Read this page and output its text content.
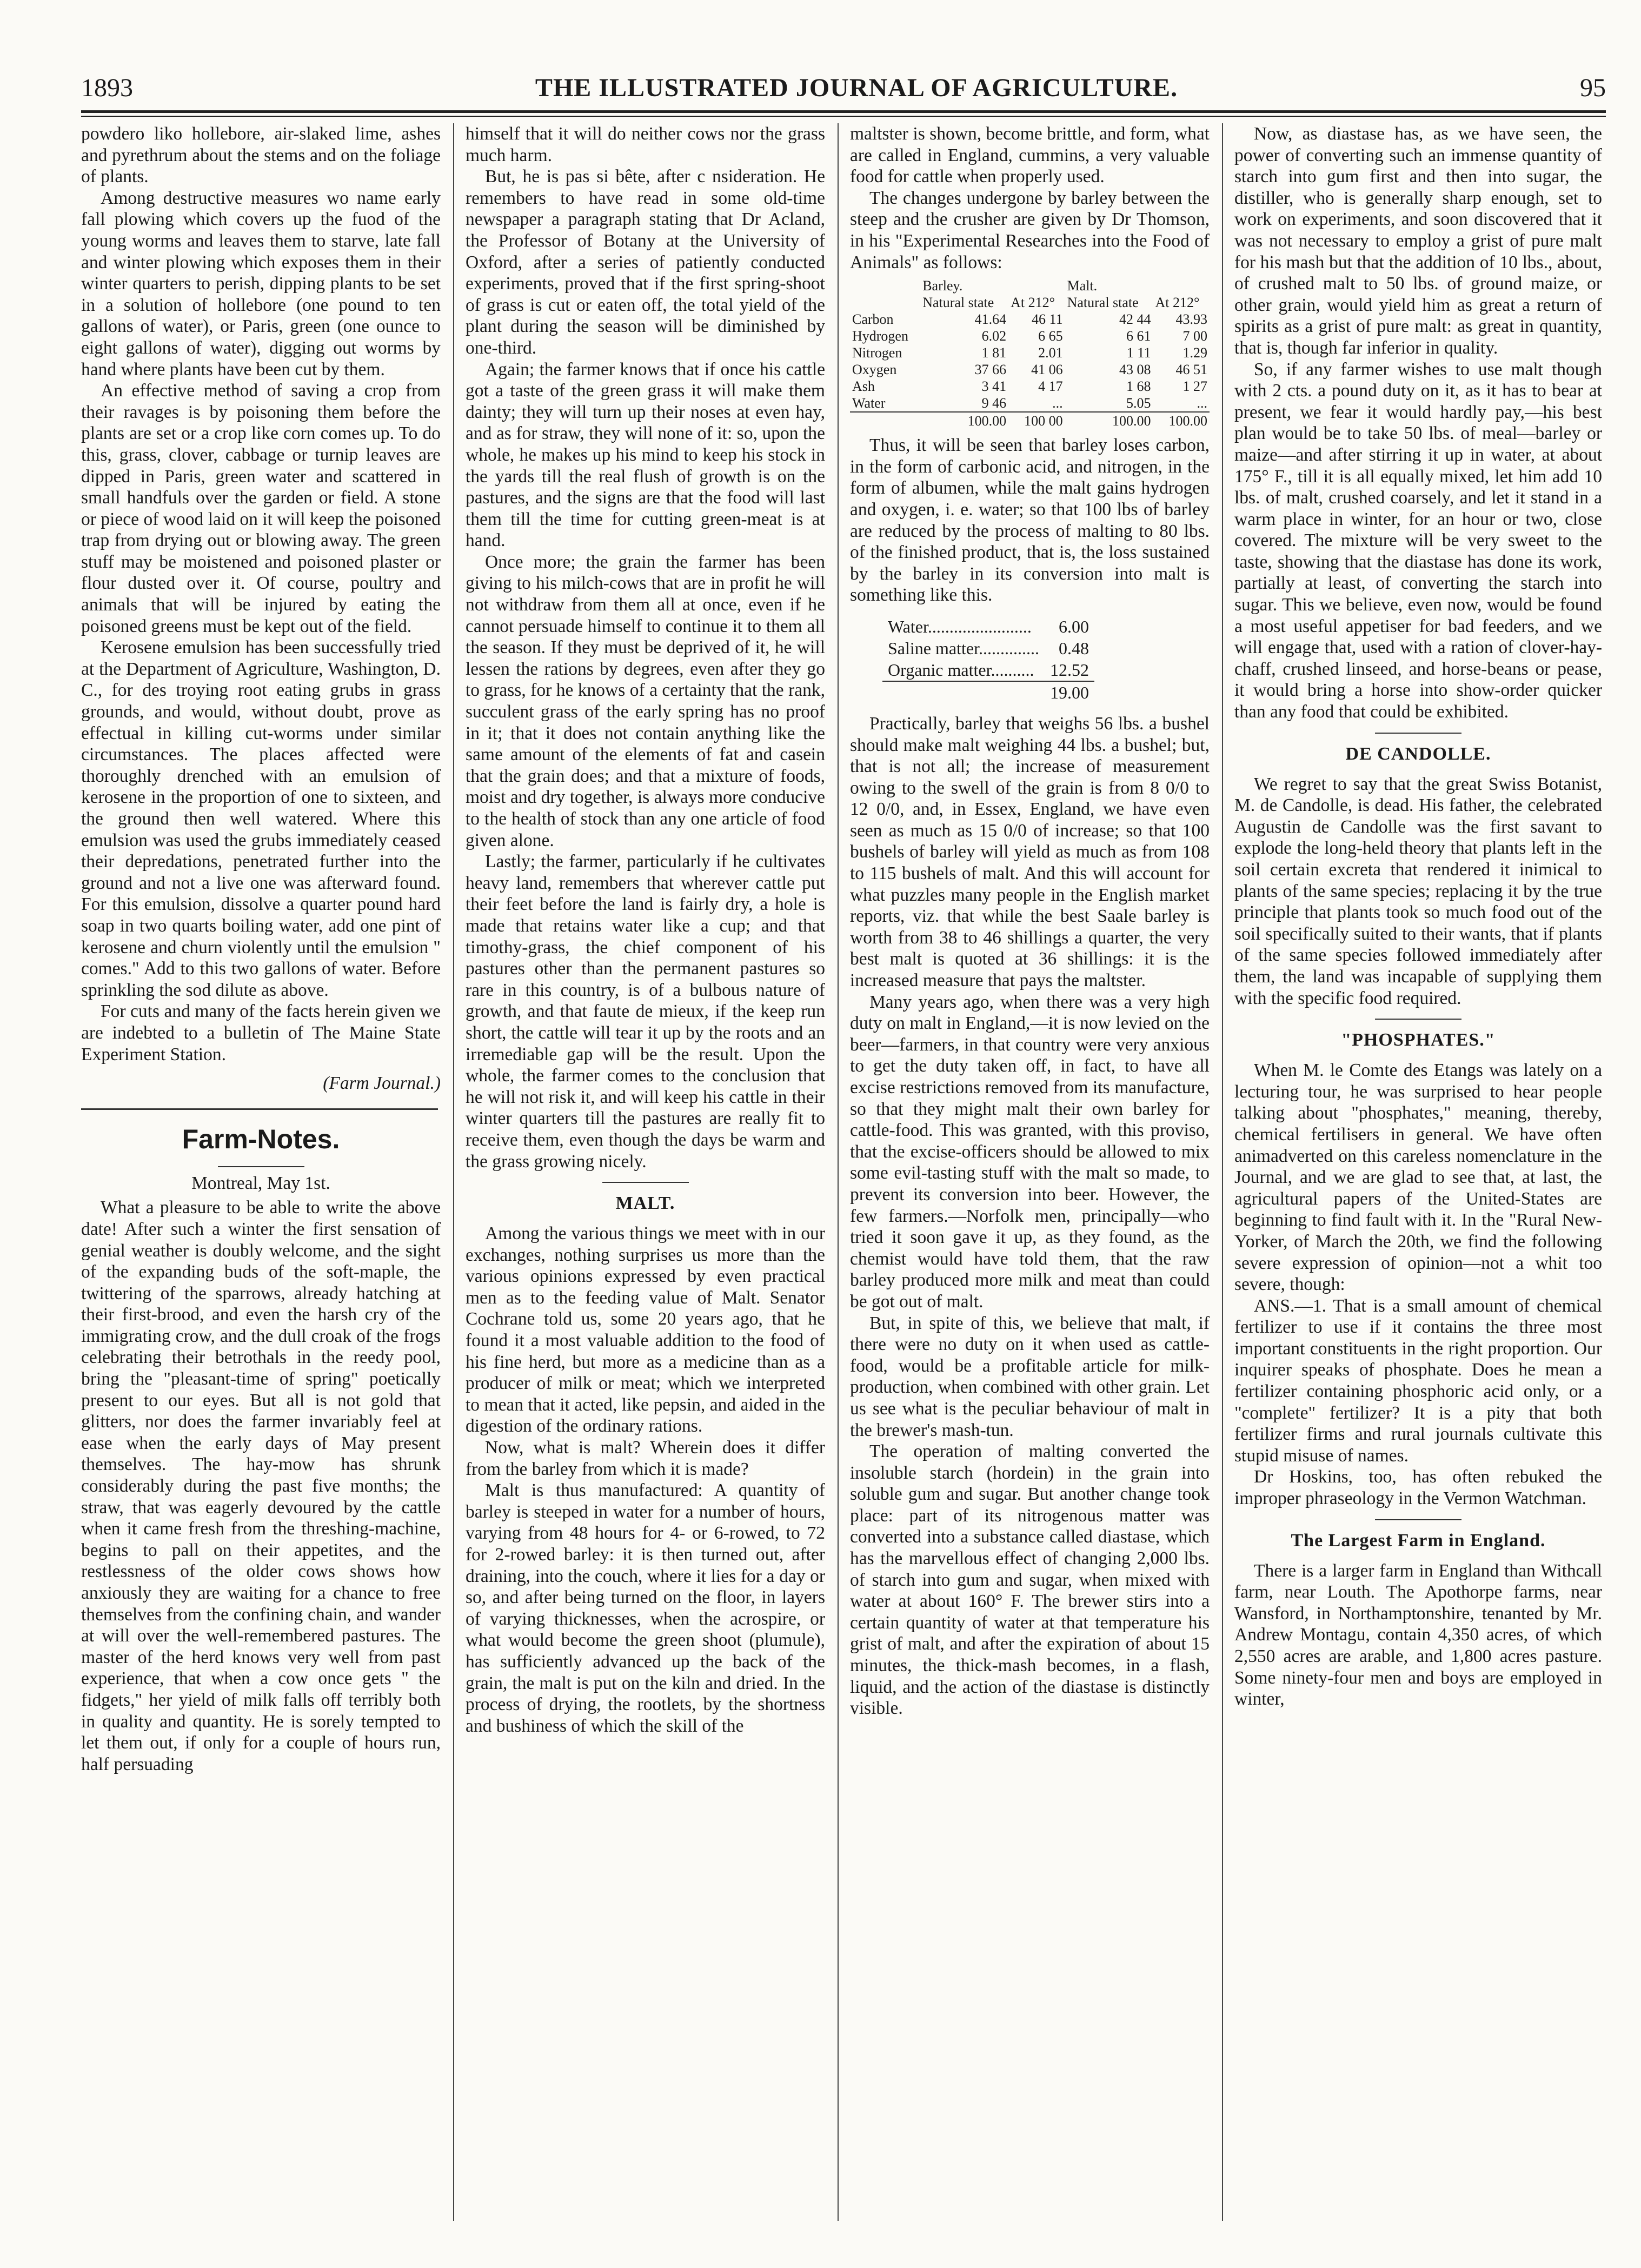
1893	THE ILLUSTRATED JOURNAL OF AGRICULTURE.	95

powdero liko hollebore, air-slaked lime, ashes and pyrethrum about the stems and on the foliage of plants.

Among destructive measures wo name early fall plowing which covers up the fuod of the young worms and leaves them to starve, late fall and winter plowing which exposes them in their winter quarters to perish, dipping plants to be set in a solution of hollebore (one pound to ten gallons of water), or Paris, green (one ounce to eight gallons of water), digging out worms by hand where plants have been cut by them.

An effective method of saving a crop from their ravages is by poisoning them before the plants are set or a crop like corn comes up. To do this, grass, clover, cabbage or turnip leaves are dipped in Paris, green water and scattered in small handfuls over the garden or field. A stone or piece of wood laid on it will keep the poisoned trap from drying out or blowing away. The green stuff may be moistened and poisoned plaster or flour dusted over it. Of course, poultry and animals that will be injured by eating the poisoned greens must be kept out of the field.

Kerosene emulsion has been successfully tried at the Department of Agriculture, Washington, D. C., for des troying root eating grubs in grass grounds, and would, without doubt, prove as effectual in killing cut-worms under similar circumstances. The places affected were thoroughly drenched with an emulsion of kerosene in the proportion of one to sixteen, and the ground then well watered. Where this emulsion was used the grubs immediately ceased their depredations, penetrated further into the ground and not a live one was afterward found. For this emulsion, dissolve a quarter pound hard soap in two quarts boiling water, add one pint of kerosene and churn violently until the emulsion " comes." Add to this two gallons of water. Before sprinkling the sod dilute as above.

For cuts and many of the facts herein given we are indebted to a bulletin of The Maine State Experiment Station.

(Farm Journal.)

Farm-Notes.
Montreal, May 1st.

What a pleasure to be able to write the above date! After such a winter the first sensation of genial weather is doubly welcome, and the sight of the expanding buds of the soft-maple, the twittering of the sparrows, already hatching at their first-brood, and even the harsh cry of the immigrating crow, and the dull croak of the frogs celebrating their betrothals in the reedy pool, bring the "pleasant-time of spring" poetically present to our eyes. But all is not gold that glitters, nor does the farmer invariably feel at ease when the early days of May present themselves. The hay-mow has shrunk considerably during the past five months; the straw, that was eagerly devoured by the cattle when it came fresh from the threshing-machine, begins to pall on their appetites, and the restlessness of the older cows shows how anxiously they are waiting for a chance to free themselves from the confining chain, and wander at will over the well-remembered pastures. The master of the herd knows very well from past experience, that when a cow once gets " the fidgets," her yield of milk falls off terribly both in quality and quantity. He is sorely tempted to let them out, if only for a couple of hours run, half persuading

himself that it will do neither cows nor the grass much harm.

But, he is pas si bête, after c nsideration. He remembers to have read in some old-time newspaper a paragraph stating that Dr Acland, the Professor of Botany at the University of Oxford, after a series of patiently conducted experiments, proved that if the first spring-shoot of grass is cut or eaten off, the total yield of the plant during the season will be diminished by one-third.

Again; the farmer knows that if once his cattle got a taste of the green grass it will make them dainty; they will turn up their noses at even hay, and as for straw, they will none of it: so, upon the whole, he makes up his mind to keep his stock in the yards till the real flush of growth is on the pastures, and the signs are that the food will last them till the time for cutting green-meat is at hand.

Once more; the grain the farmer has been giving to his milch-cows that are in profit he will not withdraw from them all at once, even if he cannot persuade himself to continue it to them all the season. If they must be deprived of it, he will lessen the rations by degrees, even after they go to grass, for he knows of a certainty that the rank, succulent grass of the early spring has no proof in it; that it does not contain anything like the same amount of the elements of fat and casein that the grain does; and that a mixture of foods, moist and dry together, is always more conducive to the health of stock than any one article of food given alone.

Lastly; the farmer, particularly if he cultivates heavy land, remembers that wherever cattle put their feet before the land is fairly dry, a hole is made that retains water like a cup; and that timothy-grass, the chief component of his pastures other than the permanent pastures so rare in this country, is of a bulbous nature of growth, and that faute de mieux, if the keep run short, the cattle will tear it up by the roots and an irremediable gap will be the result. Upon the whole, the farmer comes to the conclusion that he will not risk it, and will keep his cattle in their winter quarters till the pastures are really fit to receive them, even though the days be warm and the grass growing nicely.

MALT.

Among the various things we meet with in our exchanges, nothing surprises us more than the various opinions expressed by even practical men as to the feeding value of Malt. Senator Cochrane told us, some 20 years ago, that he found it a most valuable addition to the food of his fine herd, but more as a medicine than as a producer of milk or meat; which we interpreted to mean that it acted, like pepsin, and aided in the digestion of the ordinary rations.

Now, what is malt? Wherein does it differ from the barley from which it is made?

Malt is thus manufactured: A quantity of barley is steeped in water for a number of hours, varying from 48 hours for 4- or 6-rowed, to 72 for 2-rowed barley: it is then turned out, after draining, into the couch, where it lies for a day or so, and after being turned on the floor, in layers of varying thicknesses, when the acrospire, or what would become the green shoot (plumule), has sufficiently advanced up the back of the grain, the malt is put on the kiln and dried. In the process of drying, the rootlets, by the shortness and bushiness of which the skill of the

maltster is shown, become brittle, and form, what are called in England, cummins, a very valuable food for cattle when properly used.

The changes undergone by barley between the steep and the crusher are given by Dr Thomson, in his "Experimental Researches into the Food of Animals" as follows:

	Barley.		Malt.	
	Natural state	At 212°	Natural state	At 212°
Carbon	41.64	46 11	42 44	43.93
Hydrogen	6.02	6 65	6 61	7 00
Nitrogen	1 81	2.01	1 11	1.29
Oxygen	37 66	41 06	43 08	46 51
Ash	3 41	4 17	1 68	1 27
Water	9 46	...	5.05	...
	100.00	100 00	100.00	100.00

Thus, it will be seen that barley loses carbon, in the form of carbonic acid, and nitrogen, in the form of albumen, while the malt gains hydrogen and oxygen, i. e. water; so that 100 lbs of barley are reduced by the process of malting to 80 lbs. of the finished product, that is, the loss sustained by the barley in its conversion into malt is something like this.

Water........................	6.00
Saline matter..............	0.48
Organic matter..........	12.52
	19.00

Practically, barley that weighs 56 lbs. a bushel should make malt weighing 44 lbs. a bushel; but, that is not all; the increase of measurement owing to the swell of the grain is from 8 0/0 to 12 0/0, and, in Essex, England, we have even seen as much as 15 0/0 of increase; so that 100 bushels of barley will yield as much as from 108 to 115 bushels of malt. And this will account for what puzzles many people in the English market reports, viz. that while the best Saale barley is worth from 38 to 46 shillings a quarter, the very best malt is quoted at 36 shillings: it is the increased measure that pays the maltster.

Many years ago, when there was a very high duty on malt in England,—it is now levied on the beer—farmers, in that country were very anxious to get the duty taken off, in fact, to have all excise restrictions removed from its manufacture, so that they might malt their own barley for cattle-food. This was granted, with this proviso, that the excise-officers should be allowed to mix some evil-tasting stuff with the malt so made, to prevent its conversion into beer. However, the few farmers.—Norfolk men, principally—who tried it soon gave it up, as they found, as the chemist would have told them, that the raw barley produced more milk and meat than could be got out of malt.

But, in spite of this, we believe that malt, if there were no duty on it when used as cattle-food, would be a profitable article for milk-production, when combined with other grain. Let us see what is the peculiar behaviour of malt in the brewer's mash-tun.

The operation of malting converted the insoluble starch (hordein) in the grain into soluble gum and sugar. But another change took place: part of its nitrogenous matter was converted into a substance called diastase, which has the marvellous effect of changing 2,000 lbs. of starch into gum and sugar, when mixed with water at about 160° F. The brewer stirs into a certain quantity of water at that temperature his grist of malt, and after the expiration of about 15 minutes, the thick-mash becomes, in a flash, liquid, and the action of the diastase is distinctly visible.

Now, as diastase has, as we have seen, the power of converting such an immense quantity of starch into gum first and then into sugar, the distiller, who is generally sharp enough, set to work on experiments, and soon discovered that it was not necessary to employ a grist of pure malt for his mash but that the addition of 10 lbs., about, of crushed malt to 50 lbs. of ground maize, or other grain, would yield him as great a return of spirits as a grist of pure malt: as great in quantity, that is, though far inferior in quality.

So, if any farmer wishes to use malt though with 2 cts. a pound duty on it, as it has to bear at present, we fear it would hardly pay,—his best plan would be to take 50 lbs. of meal—barley or maize—and after stirring it up in water, at about 175° F., till it is all equally mixed, let him add 10 lbs. of malt, crushed coarsely, and let it stand in a warm place in winter, for an hour or two, close covered. The mixture will be very sweet to the taste, showing that the diastase has done its work, partially at least, of converting the starch into sugar. This we believe, even now, would be found a most useful appetiser for bad feeders, and we will engage that, used with a ration of clover-hay-chaff, crushed linseed, and horse-beans or pease, it would bring a horse into show-order quicker than any food that could be exhibited.

DE CANDOLLE.

We regret to say that the great Swiss Botanist, M. de Candolle, is dead. His father, the celebrated Augustin de Candolle was the first savant to explode the long-held theory that plants left in the soil certain excreta that rendered it inimical to plants of the same species; replacing it by the true principle that plants took so much food out of the soil specifically suited to their wants, that if plants of the same species followed immediately after them, the land was incapable of supplying them with the specific food required.

"PHOSPHATES."

When M. le Comte des Etangs was lately on a lecturing tour, he was surprised to hear people talking about "phosphates," meaning, thereby, chemical fertilisers in general. We have often animadverted on this careless nomenclature in the Journal, and we are glad to see that, at last, the agricultural papers of the United-States are beginning to find fault with it. In the "Rural New-Yorker, of March the 20th, we find the following severe expression of opinion—not a whit too severe, though:

ANS.—1. That is a small amount of chemical fertilizer to use if it contains the three most important constituents in the right proportion. Our inquirer speaks of phosphate. Does he mean a fertilizer containing phosphoric acid only, or a "complete" fertilizer? It is a pity that both fertilizer firms and rural journals cultivate this stupid misuse of names.

Dr Hoskins, too, has often rebuked the improper phraseology in the Vermon Watchman.

The Largest Farm in England.

There is a larger farm in England than Withcall farm, near Louth. The Apothorpe farms, near Wansford, in Northamptonshire, tenanted by Mr. Andrew Montagu, contain 4,350 acres, of which 2,550 acres are arable, and 1,800 acres pasture. Some ninety-four men and boys are employed in winter,
